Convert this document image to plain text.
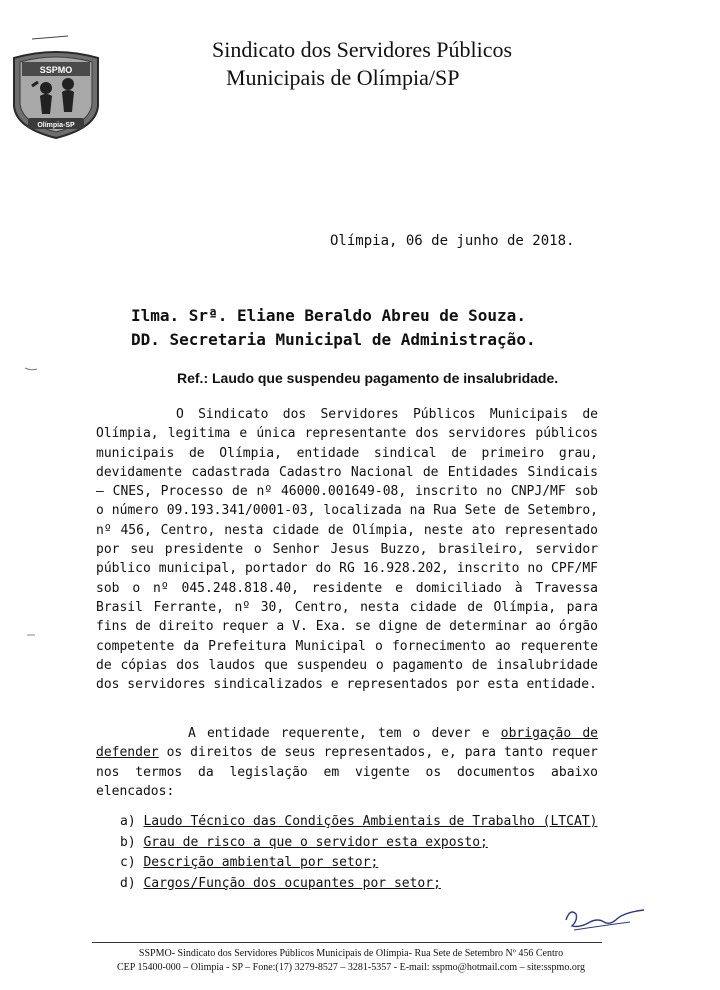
SSPMO
Olímpia-SP
Sindicato dos Servidores Públicos
Municipais de Olímpia/SP
Olímpia, 06 de junho de 2018.
Ilma. Srª. Eliane Beraldo Abreu de Souza.
DD. Secretaria Municipal de Administração.
Ref.: Laudo que suspendeu pagamento de insalubridade.
O Sindicato dos Servidores Públicos Municipais de Olímpia, legitima e única representante dos servidores públicos municipais de Olímpia, entidade sindical de primeiro grau, devidamente cadastrada Cadastro Nacional de Entidades Sindicais – CNES, Processo de nº 46000.001649-08, inscrito no CNPJ/MF sob o número 09.193.341/0001-03, localizada na Rua Sete de Setembro, nº 456, Centro, nesta cidade de Olímpia, neste ato representado por seu presidente o Senhor Jesus Buzzo, brasileiro, servidor público municipal, portador do RG 16.928.202, inscrito no CPF/MF sob o nº 045.248.818.40, residente e domiciliado à Travessa Brasil Ferrante, nº 30, Centro, nesta cidade de Olímpia, para fins de direito requer a V. Exa. se digne de determinar ao órgão competente da Prefeitura Municipal o fornecimento ao requerente de cópias dos laudos que suspendeu o pagamento de insalubridade dos servidores sindicalizados e representados por esta entidade.
A entidade requerente, tem o dever e obrigação de defender os direitos de seus representados, e, para tanto requer nos termos da legislação em vigente os documentos abaixo elencados:
a) Laudo Técnico das Condições Ambientais de Trabalho (LTCAT)
b) Grau de risco a que o servidor esta exposto;
c) Descrição ambiental por setor;
d) Cargos/Função dos ocupantes por setor;
SSPMO- Sindicato dos Servidores Públicos Municipais de Olímpia- Rua Sete de Setembro Nº 456 Centro
CEP 15400-000 – Olimpia - SP – Fone:(17) 3279-8527 – 3281-5357 - E-mail: sspmo@hotmail.com – site:sspmo.org
